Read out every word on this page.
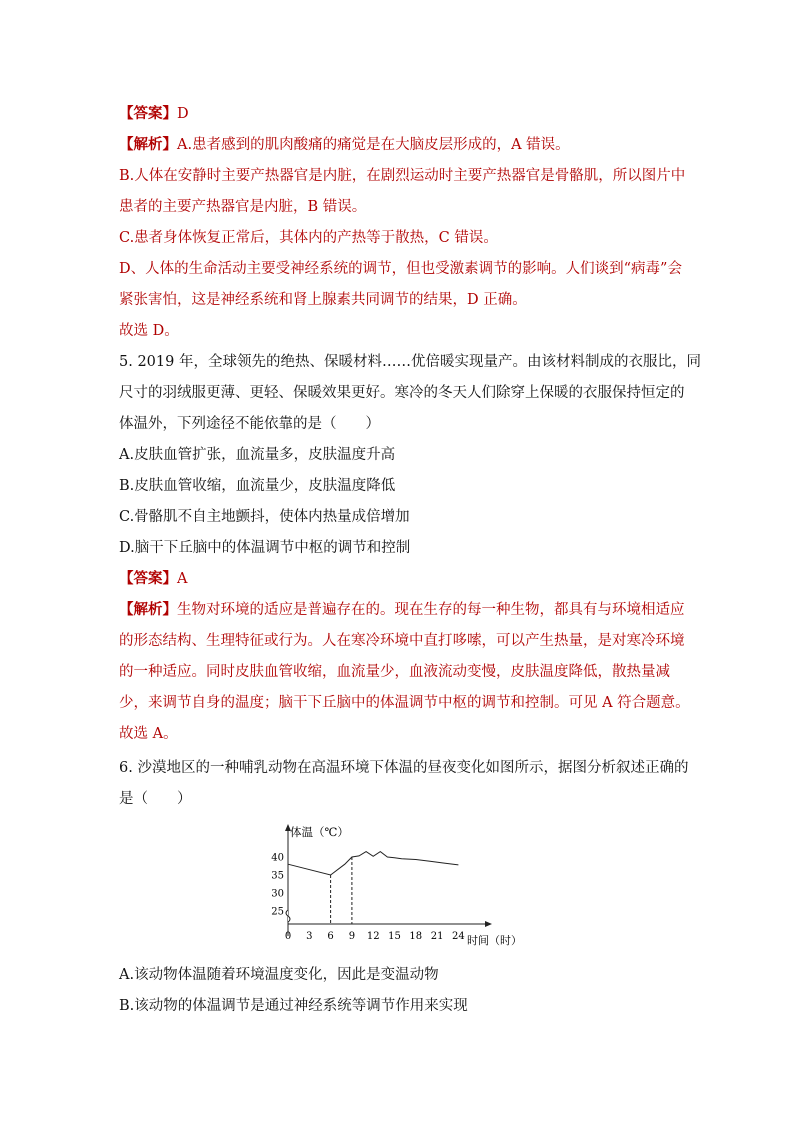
【答案】D
【解析】A.患者感到的肌肉酸痛的痛觉是在大脑皮层形成的，A 错误。
B.人体在安静时主要产热器官是内脏，在剧烈运动时主要产热器官是骨骼肌，所以图片中
患者的主要产热器官是内脏，B 错误。
C.患者身体恢复正常后，其体内的产热等于散热，C 错误。
D、人体的生命活动主要受神经系统的调节，但也受激素调节的影响。人们谈到“病毒”会
紧张害怕，这是神经系统和肾上腺素共同调节的结果，D 正确。
故选 D。
5. 2019 年，全球领先的绝热、保暖材料……优倍暖实现量产。由该材料制成的衣服比，同
尺寸的羽绒服更薄、更轻、保暖效果更好。寒冷的冬天人们除穿上保暖的衣服保持恒定的
体温外，下列途径不能依靠的是（　　）
A.皮肤血管扩张，血流量多，皮肤温度升高
B.皮肤血管收缩，血流量少，皮肤温度降低
C.骨骼肌不自主地颤抖，使体内热量成倍增加
D.脑干下丘脑中的体温调节中枢的调节和控制
【答案】A
【解析】生物对环境的适应是普遍存在的。现在生存的每一种生物，都具有与环境相适应
的形态结构、生理特征或行为。人在寒冷环境中直打哆嗦，可以产生热量，是对寒冷环境
的一种适应。同时皮肤血管收缩，血流量少，血液流动变慢，皮肤温度降低，散热量减
少，来调节自身的温度；脑干下丘脑中的体温调节中枢的调节和控制。可见 A 符合题意。
故选 A。
6. 沙漠地区的一种哺乳动物在高温环境下体温的昼夜变化如图所示，据图分析叙述正确的
是（　　）
体温（℃）
时间（时）
0 3 6 9 12 15 18 21 24
25
30
35
40
A.该动物体温随着环境温度变化，因此是变温动物
B.该动物的体温调节是通过神经系统等调节作用来实现
